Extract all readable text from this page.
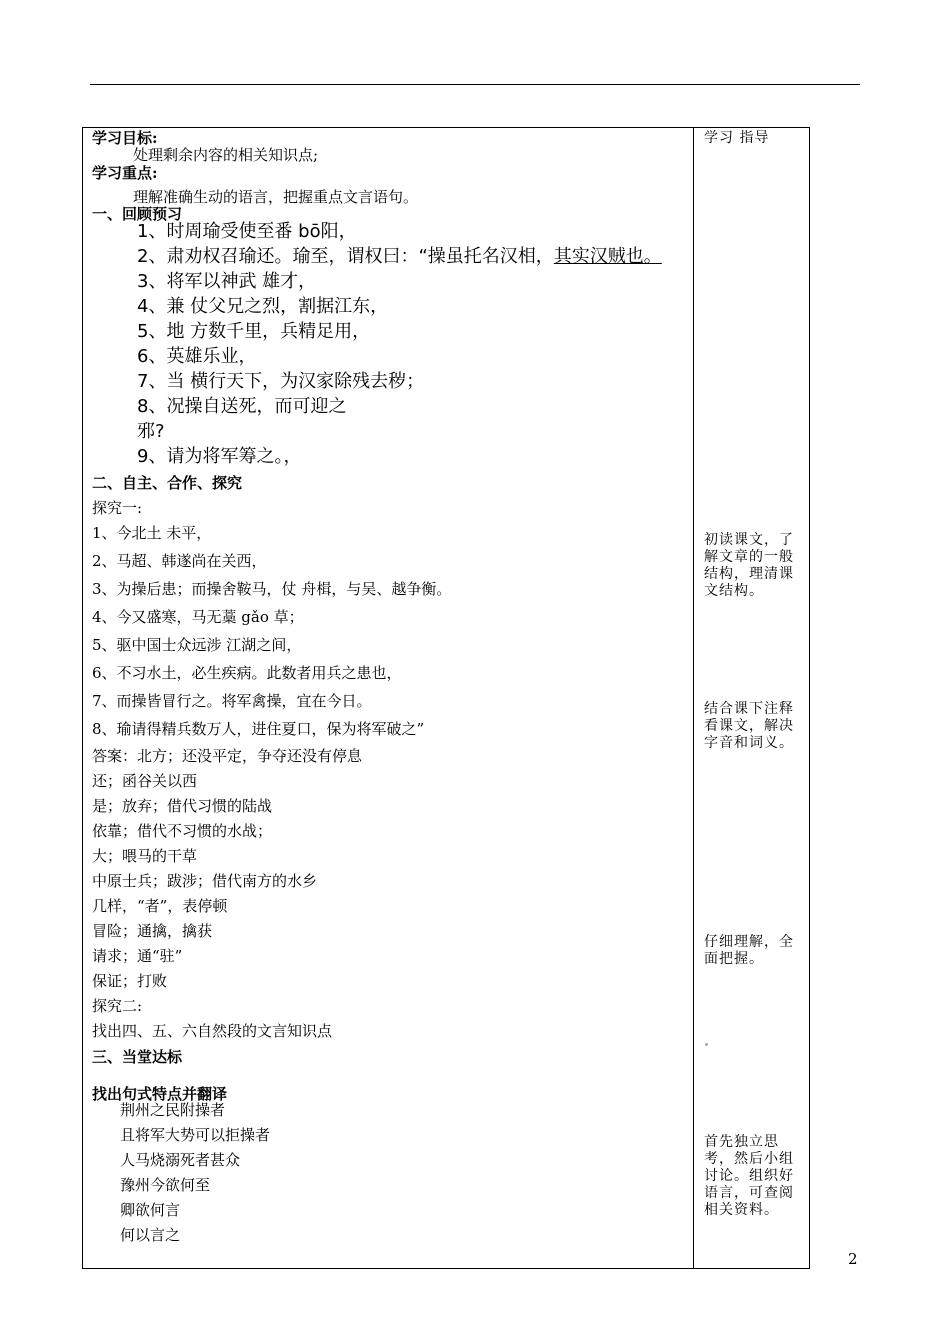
学习目标:
处理剩余内容的相关知识点;
学习重点:
理解准确生动的语言，把握重点文言语句。
一、回顾预习
1、时周瑜受使至番 bō阳，
2、肃劝权召瑜还。瑜至，谓权曰：“操虽托名汉相，其实汉贼也。
3、将军以神武 雄才，
4、兼 仗父兄之烈，割据江东，
5、地 方数千里，兵精足用，
6、英雄乐业，
7、当 横行天下，为汉家除残去秽；
8、况操自送死，而可迎之
邪?
9、请为将军筹之。，
二、自主、合作、探究
探究一:
1、今北土 未平，
2、马超、韩遂尚在关西，
3、为操后患；而操舍鞍马，仗 舟楫，与吴、越争衡。
4、今又盛寒，马无藁 gǎo 草；
5、驱中国士众远涉 江湖之间，
6、不习水土，必生疾病。此数者用兵之患也，
7、而操皆冒行之。将军禽操，宜在今日。
8、瑜请得精兵数万人，进住夏口，保为将军破之”
答案：北方；还没平定，争夺还没有停息
还；函谷关以西
是；放弃；借代习惯的陆战
依靠；借代不习惯的水战；
大；喂马的干草
中原士兵；跋涉；借代南方的水乡
几样，“者”，表停顿
冒险；通擒，擒获
请求；通“驻”
保证；打败
探究二:
找出四、五、六自然段的文言知识点
三、当堂达标
找出句式特点并翻译
荆州之民附操者
且将军大势可以拒操者
人马烧溺死者甚众
豫州今欲何至
卿欲何言
何以言之
学习 指导
初读课文，了解文章的一般结构，理清课文结构。
结合课下注释看课文，解决字音和词义。
仔细理解，全面把握。
首先独立思考，然后小组讨论。组织好语言，可查阅相关资料。
2
